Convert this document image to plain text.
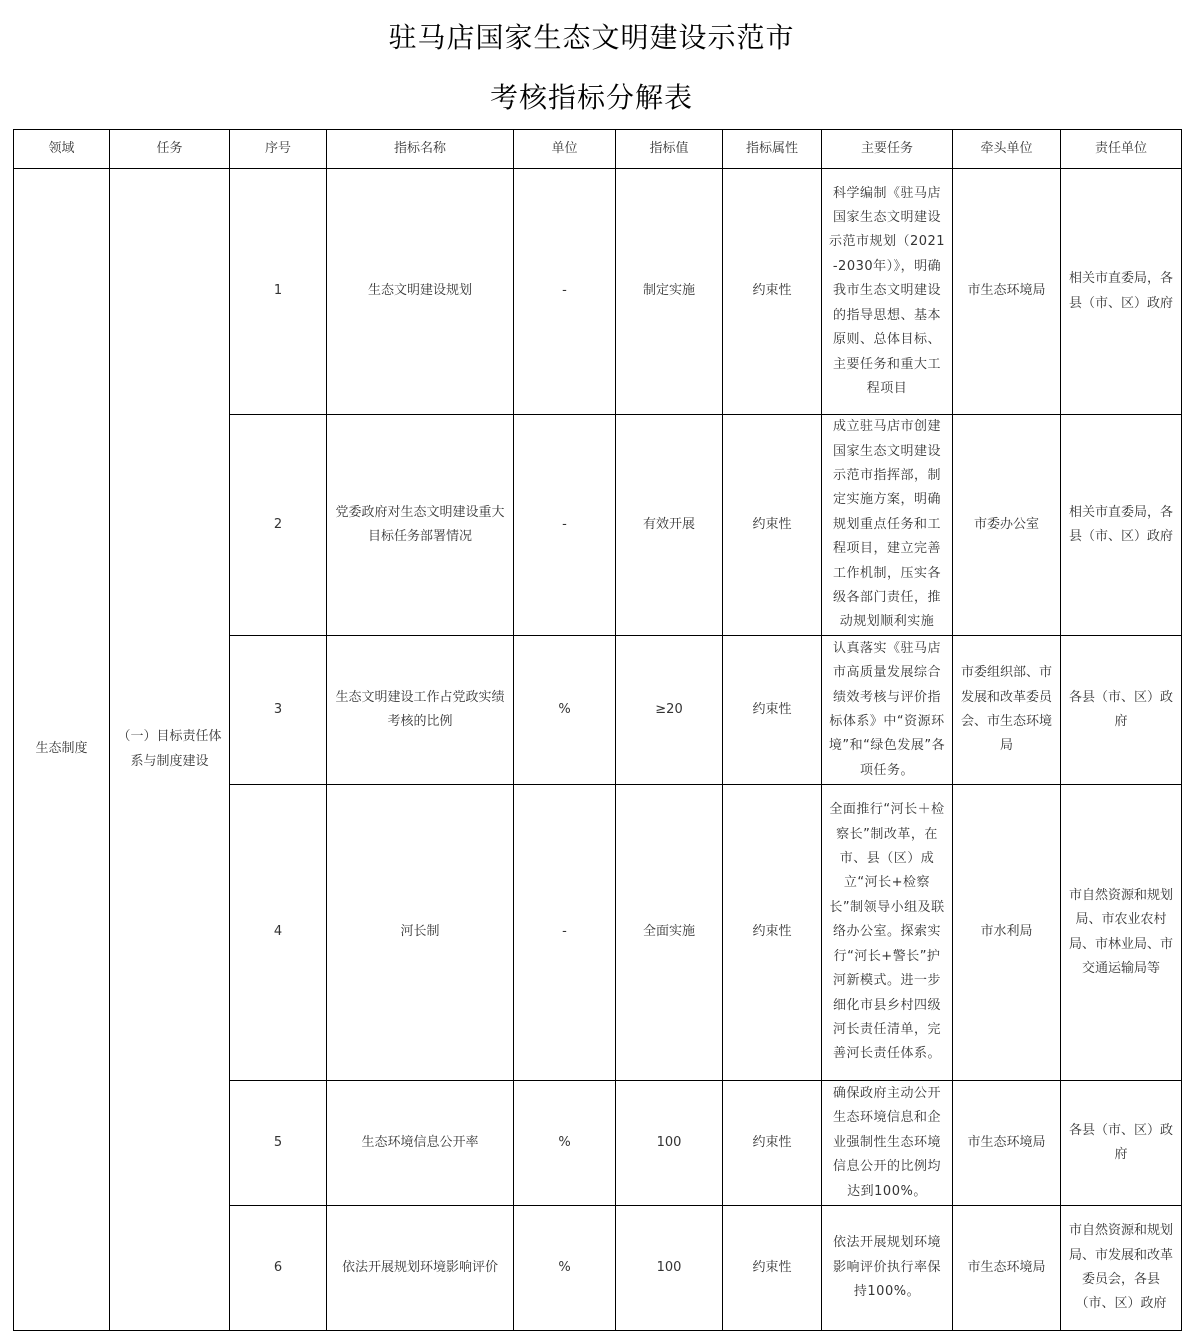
驻马店国家生态文明建设示范市
考核指标分解表
领域	任务	序号	指标名称	单位	指标值	指标属性	主要任务	牵头单位	责任单位
生态制度	（一）目标责任体系与制度建设	1	生态文明建设规划	-	制定实施	约束性	科学编制《驻马店国家生态文明建设示范市规划（2021-2030年）》，明确我市生态文明建设的指导思想、基本原则、总体目标、主要任务和重大工程项目	市生态环境局	相关市直委局，各县（市、区）政府
		2	党委政府对生态文明建设重大目标任务部署情况	-	有效开展	约束性	成立驻马店市创建国家生态文明建设示范市指挥部，制定实施方案，明确规划重点任务和工程项目，建立完善工作机制，压实各级各部门责任，推动规划顺利实施	市委办公室	相关市直委局，各县（市、区）政府
		3	生态文明建设工作占党政实绩考核的比例	%	≥20	约束性	认真落实《驻马店市高质量发展综合绩效考核与评价指标体系》中“资源环境”和“绿色发展”各项任务。	市委组织部、市发展和改革委员会、市生态环境局	各县（市、区）政府
		4	河长制	-	全面实施	约束性	全面推行“河长＋检察长”制改革，在市、县（区）成立“河长+检察长”制领导小组及联络办公室。探索实行“河长+警长”护河新模式。进一步细化市县乡村四级河长责任清单，完善河长责任体系。	市水利局	市自然资源和规划局、市农业农村局、市林业局、市交通运输局等
		5	生态环境信息公开率	%	100	约束性	确保政府主动公开生态环境信息和企业强制性生态环境信息公开的比例均达到100%。	市生态环境局	各县（市、区）政府
		6	依法开展规划环境影响评价	%	100	约束性	依法开展规划环境影响评价执行率保持100%。	市生态环境局	市自然资源和规划局、市发展和改革委员会，各县（市、区）政府
